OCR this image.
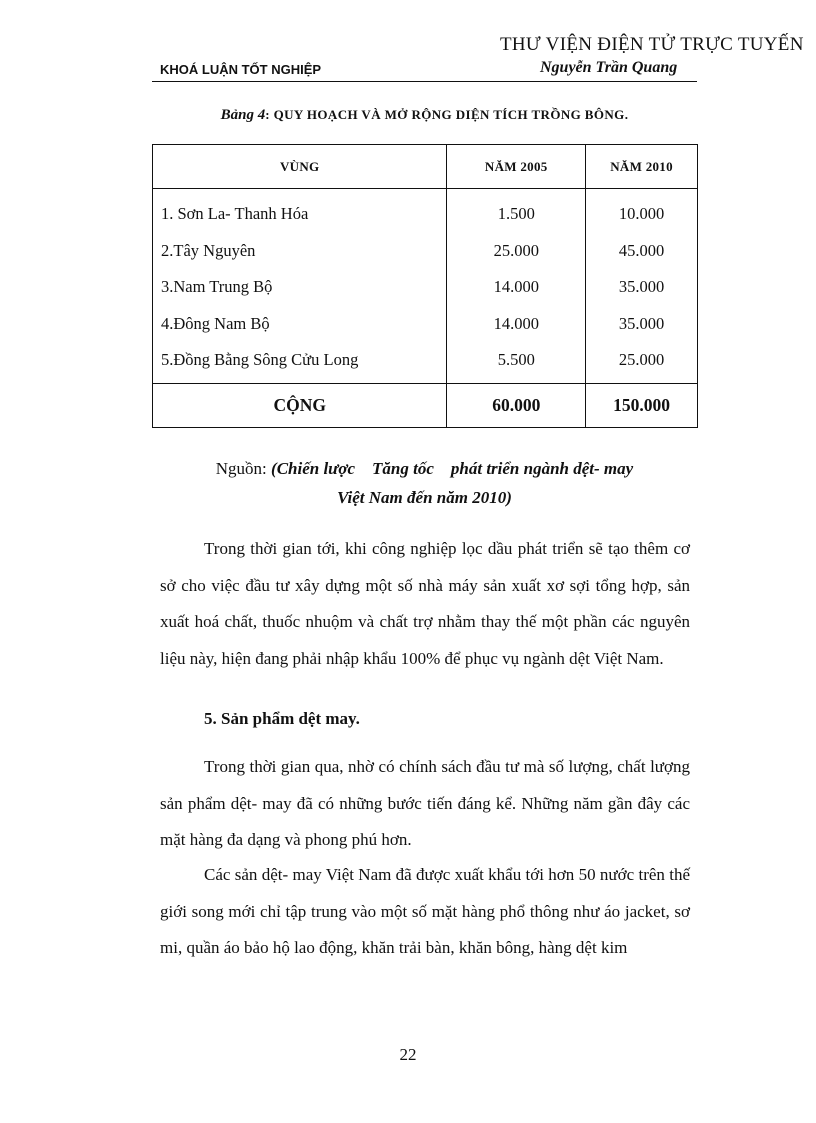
THƯ VIỆN ĐIỆN TỬ TRỰC TUYẾN
KHOÁ LUẬN TỐT NGHIỆP	Nguyễn Trần Quang
Bảng 4: QUY HOẠCH VÀ MỞ RỘNG DIỆN TÍCH TRỒNG BÔNG.
VÙNG	NĂM 2005	NĂM 2010
1. Sơn La- Thanh Hóa	1.500	10.000
2.Tây Nguyên	25.000	45.000
3.Nam Trung Bộ	14.000	35.000
4.Đông Nam Bộ	14.000	35.000
5.Đồng Bằng Sông Cửu Long	5.500	25.000
CỘNG	60.000	150.000
Nguồn: (Chiến lược    Tăng tốc    phát triển ngành dệt- may
Việt Nam đến năm 2010)
Trong thời gian tới, khi công nghiệp lọc dầu phát triển sẽ tạo thêm cơ sở cho việc đầu tư xây dựng một số nhà máy sản xuất xơ sợi tổng hợp, sản xuất hoá chất, thuốc nhuộm và chất trợ nhằm thay thế một phần các nguyên liệu này, hiện đang phải nhập khẩu 100% để phục vụ ngành dệt Việt Nam.
5. Sản phẩm dệt may.
Trong thời gian qua, nhờ có chính sách đầu tư mà số lượng, chất lượng sản phẩm dệt- may đã có những bước tiến đáng kể. Những năm gần đây các mặt hàng đa dạng và phong phú hơn.
Các sản dệt- may Việt Nam đã được xuất khẩu tới hơn 50 nước trên thế giới song mới chỉ tập trung vào một số mặt hàng phổ thông như áo jacket, sơ mi, quần áo bảo hộ lao động, khăn trải bàn, khăn bông, hàng dệt kim
22
